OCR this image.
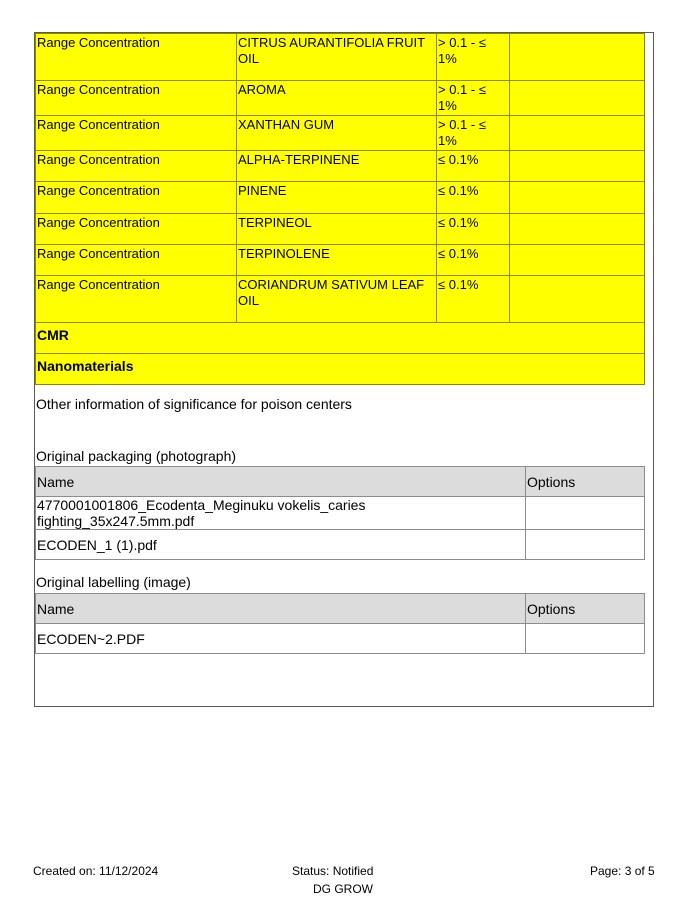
Range Concentration	CITRUS AURANTIFOLIA FRUIT OIL	> 0.1 - ≤ 1%	
Range Concentration	AROMA	> 0.1 - ≤ 1%	
Range Concentration	XANTHAN GUM	> 0.1 - ≤ 1%	
Range Concentration	ALPHA-TERPINENE	≤ 0.1%	
Range Concentration	PINENE	≤ 0.1%	
Range Concentration	TERPINEOL	≤ 0.1%	
Range Concentration	TERPINOLENE	≤ 0.1%	
Range Concentration	CORIANDRUM SATIVUM LEAF OIL	≤ 0.1%	
CMR			
Nanomaterials			
Other information of significance for poison centers
Original packaging (photograph)
Name	Options
4770001001806_Ecodenta_Meginuku vokelis_caries fighting_35x247.5mm.pdf	
ECODEN_1 (1).pdf	
Original labelling (image)
Name	Options
ECODEN~2.PDF	
Created on: 11/12/2024	Status: Notified
DG GROW
Page: 3 of 5
